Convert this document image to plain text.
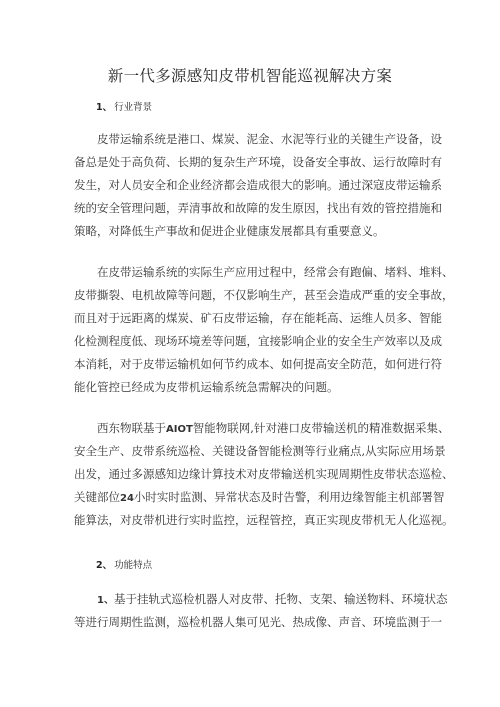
新一代多源感知皮带机智能巡视解决方案
1、 行业背景
皮带运输系统是港口、煤炭、泥金、水泥等行业的关键生产设备，设
备总是处于高负荷、长期的复杂生产环境，设备安全事故、运行故障时有
发生，对人员安全和企业经济都会造成很大的影响。通过深寇皮带运输系
统的安全管理问题，弄清事故和故障的发生原因，找出有效的管控措施和
策略，对降低生产事故和促进企业健康发展都具有重要意义。
在皮带运输系统的实际生产应用过程中，经常会有跑偏、堵料、堆料、
皮带撕裂、电机故障等问题，不仅影响生产，甚至会造成严重的安全事故，
而且对于远距离的煤炭、矿石皮带运输，存在能耗高、运维人员多、智能
化检测程度低、现场环境差等问题，宜接影响企业的安全生产效率以及成
本消耗，对于皮带运输机如何节约成本、如何提高安全防范，如何进行符
能化管控已经成为皮带机运输系统急需解决的问题。
西东物联基于AIOT智能物联网,针对港口皮带输送机的精准数据采集、
安全生产、皮带系统巡检、关键设备智能检测等行业痛点,从实际应用场景
出发，通过多源感知边缘计算技术对皮带输送机实现周期性皮带状态巡检、
关键部位24小时实时监测、异常状态及时告警，利用边缘智能主机部署智
能算法，对皮带机进行实时监控，远程管控，真正实现皮带机无人化巡视。
2、 功能特点
1、基于挂轨式巡检机器人对皮带、托物、支架、输送物料、环境状态
等进行周期性监测，巡检机器人集可见光、热成像、声音、环境监测于一
